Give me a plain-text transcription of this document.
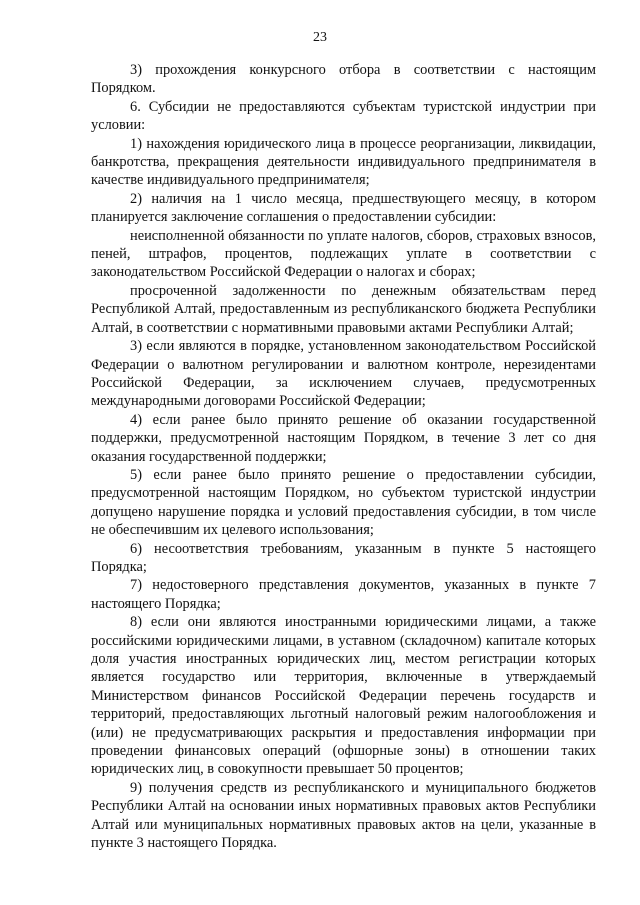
23

3) прохождения конкурсного отбора в соответствии с настоящим Порядком.

6. Субсидии не предоставляются субъектам туристской индустрии при условии:

1) нахождения юридического лица в процессе реорганизации, ликвидации, банкротства, прекращения деятельности индивидуального предпринимателя в качестве индивидуального предпринимателя;

2) наличия на 1 число месяца, предшествующего месяцу, в котором планируется заключение соглашения о предоставлении субсидии:

неисполненной обязанности по уплате налогов, сборов, страховых взносов, пеней, штрафов, процентов, подлежащих уплате в соответствии с законодательством Российской Федерации о налогах и сборах;

просроченной задолженности по денежным обязательствам перед Республикой Алтай, предоставленным из республиканского бюджета Республики Алтай, в соответствии с нормативными правовыми актами Республики Алтай;

3) если являются в порядке, установленном законодательством Российской Федерации о валютном регулировании и валютном контроле, нерезидентами Российской Федерации, за исключением случаев, предусмотренных международными договорами Российской Федерации;

4) если ранее было принято решение об оказании государственной поддержки, предусмотренной настоящим Порядком, в течение 3 лет со дня оказания государственной поддержки;

5) если ранее было принято решение о предоставлении субсидии, предусмотренной настоящим Порядком, но субъектом туристской индустрии допущено нарушение порядка и условий предоставления субсидии, в том числе не обеспечившим их целевого использования;

6) несоответствия требованиям, указанным в пункте 5 настоящего Порядка;

7) недостоверного представления документов, указанных в пункте 7 настоящего Порядка;

8) если они являются иностранными юридическими лицами, а также российскими юридическими лицами, в уставном (складочном) капитале которых доля участия иностранных юридических лиц, местом регистрации которых является государство или территория, включенные в утверждаемый Министерством финансов Российской Федерации перечень государств и территорий, предоставляющих льготный налоговый режим налогообложения и (или) не предусматривающих раскрытия и предоставления информации при проведении финансовых операций (офшорные зоны) в отношении таких юридических лиц, в совокупности превышает 50 процентов;

9) получения средств из республиканского и муниципального бюджетов Республики Алтай на основании иных нормативных правовых актов Республики Алтай или муниципальных нормативных правовых актов на цели, указанные в пункте 3 настоящего Порядка.
